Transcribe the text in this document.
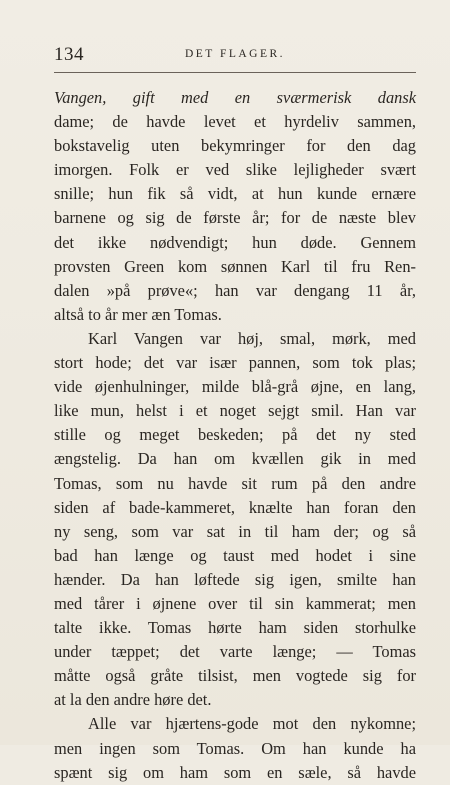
134	DET FLAGER.
Vangen, gift med en sværmerisk dansk
dame; de havde levet et hyrdeliv sammen,
bokstavelig uten bekymringer for den dag
imorgen. Folk er ved slike lejligheder svært
snille; hun fik så vidt, at hun kunde ernære
barnene og sig de første år; for de næste blev
det ikke nødvendigt; hun døde. Gennem
provsten Green kom sønnen Karl til fru Ren-
dalen »på prøve«; han var dengang 11 år,
altså to år mer æn Tomas.
Karl Vangen var høj, smal, mørk, med
stort hode; det var især pannen, som tok plas;
vide øjenhulninger, milde blå-grå øjne, en lang,
like mun, helst i et noget sejgt smil. Han var
stille og meget beskeden; på det ny sted
ængstelig. Da han om kvællen gik in med
Tomas, som nu havde sit rum på den andre
siden af bade-kammeret, knælte han foran den
ny seng, som var sat in til ham der; og så
bad han længe og taust med hodet i sine
hænder. Da han løftede sig igen, smilte han
med tårer i øjnene over til sin kammerat; men
talte ikke. Tomas hørte ham siden storhulke
under tæppet; det varte længe; — Tomas
måtte også gråte tilsist, men vogtede sig for
at la den andre høre det.
Alle var hjærtens-gode mot den nykomne;
men ingen som Tomas. Om han kunde ha
spænt sig om ham som en sæle, så havde
